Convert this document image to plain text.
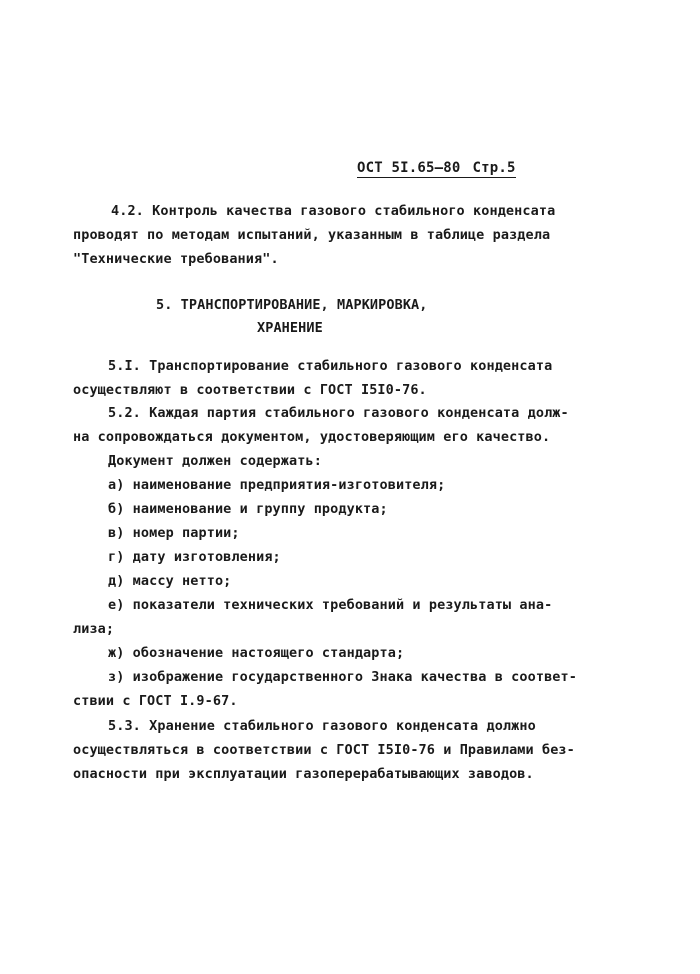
ОСТ 5I.65–80 Стр.5
4.2. Контроль качества газового стабильного конденсата
проводят по методам испытаний, указанным в таблице раздела
"Технические требования".
5. ТРАНСПОРТИРОВАНИЕ, МАРКИРОВКА,
ХРАНЕНИЕ
5.I. Транспортирование стабильного газового конденсата
осуществляют в соответствии с ГОСТ I5I0-76.
5.2. Каждая партия стабильного газового конденсата долж-
на сопровождаться документом, удостоверяющим его качество.
Документ должен содержать:
а) наименование предприятия-изготовителя;
б) наименование и группу продукта;
в) номер партии;
г) дату изготовления;
д) массу нетто;
е) показатели технических требований и результаты ана-
лиза;
ж) обозначение настоящего стандарта;
з) изображение государственного Знака качества в соответ-
ствии с ГОСТ I.9-67.
5.3. Хранение стабильного газового конденсата должно
осуществляться в соответствии с ГОСТ I5I0-76 и Правилами без-
опасности при эксплуатации газоперерабатывающих заводов.
